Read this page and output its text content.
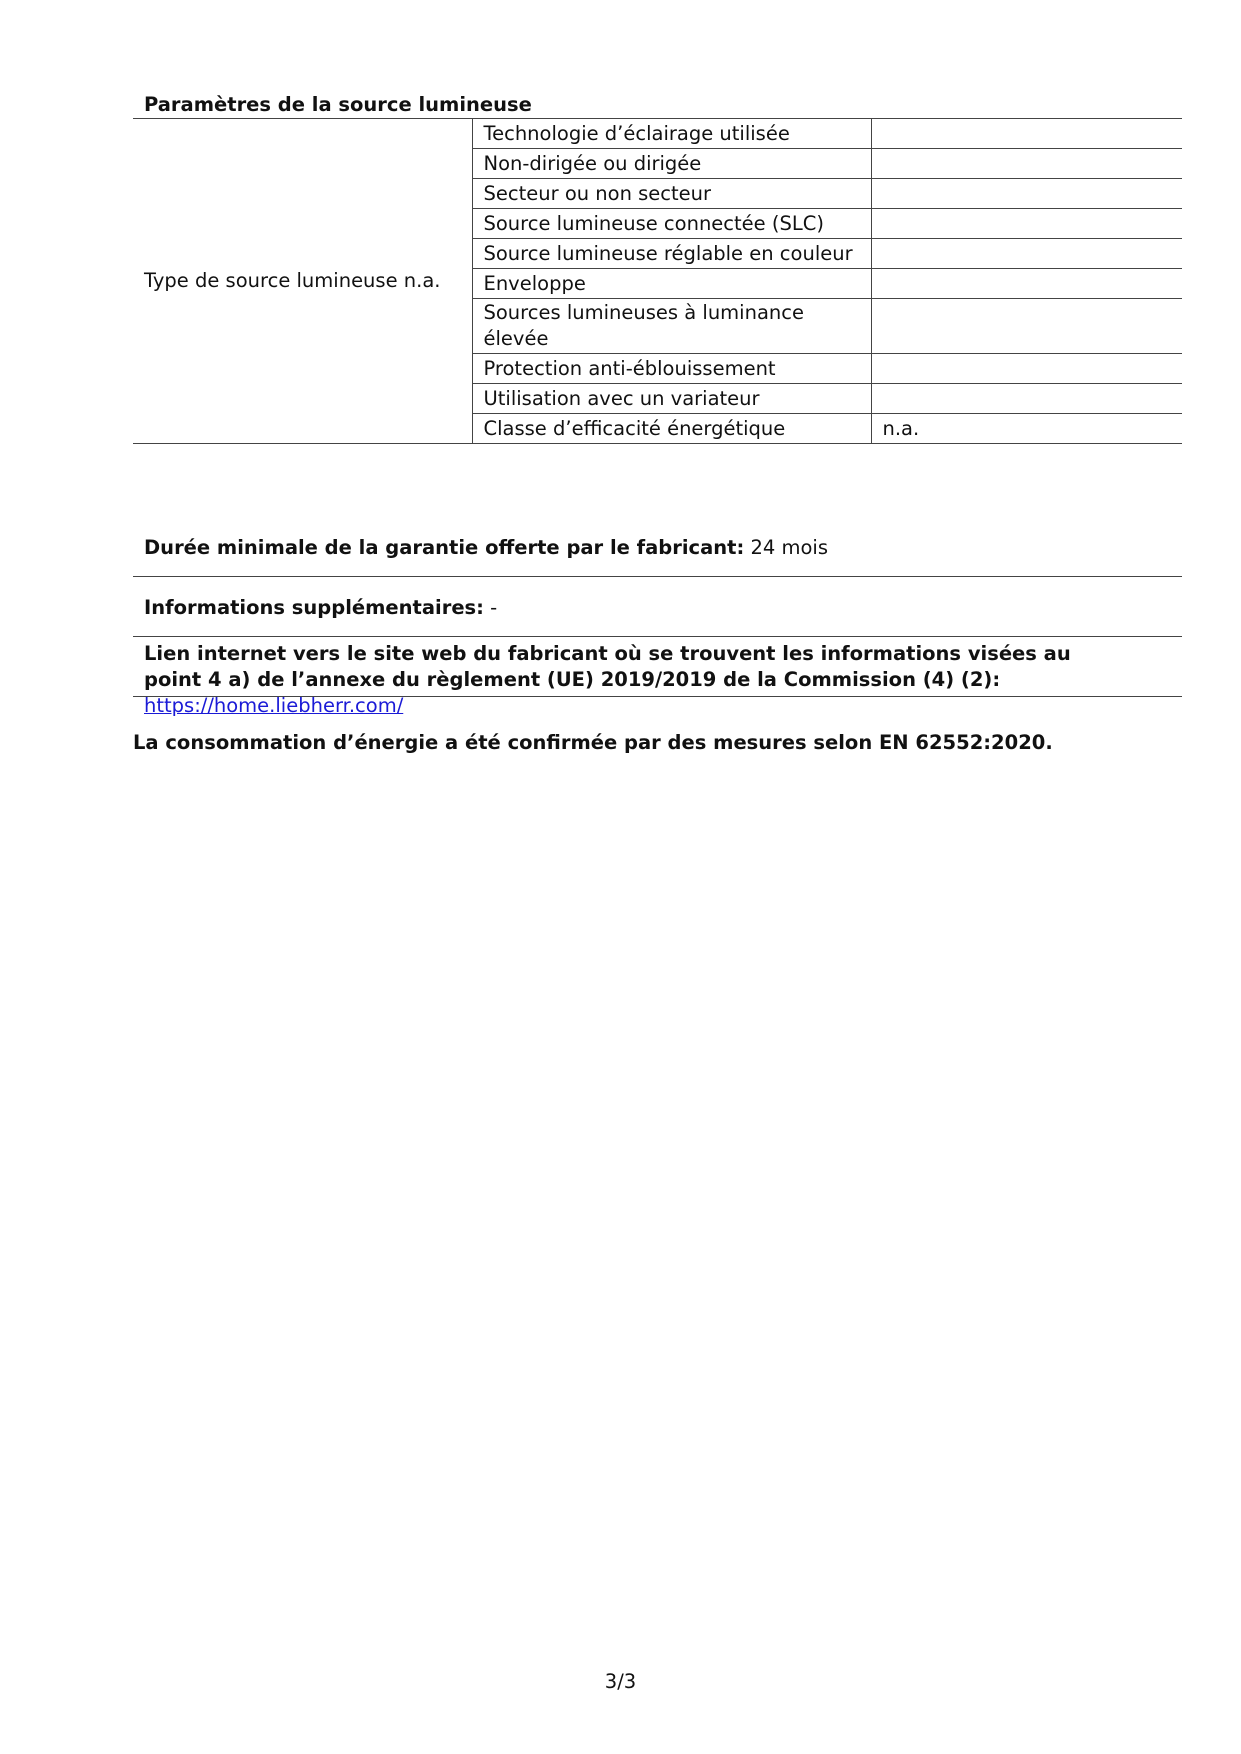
Paramètres de la source lumineuse
Type de source lumineuse n.a.	Technologie d’éclairage utilisée	
	Non-dirigée ou dirigée	
	Secteur ou non secteur	
	Source lumineuse connectée (SLC)	
	Source lumineuse réglable en couleur	
	Enveloppe	
	Sources lumineuses à luminance élevée	
	Protection anti-éblouissement	
	Utilisation avec un variateur	
	Classe d’efficacité énergétique	n.a.
Durée minimale de la garantie offerte par le fabricant: 24 mois
Informations supplémentaires: -
Lien internet vers le site web du fabricant où se trouvent les informations visées au point 4 a) de l’annexe du règlement (UE) 2019/2019 de la Commission (4) (2): https://home.liebherr.com/
La consommation d’énergie a été confirmée par des mesures selon EN 62552:2020.
3/3
